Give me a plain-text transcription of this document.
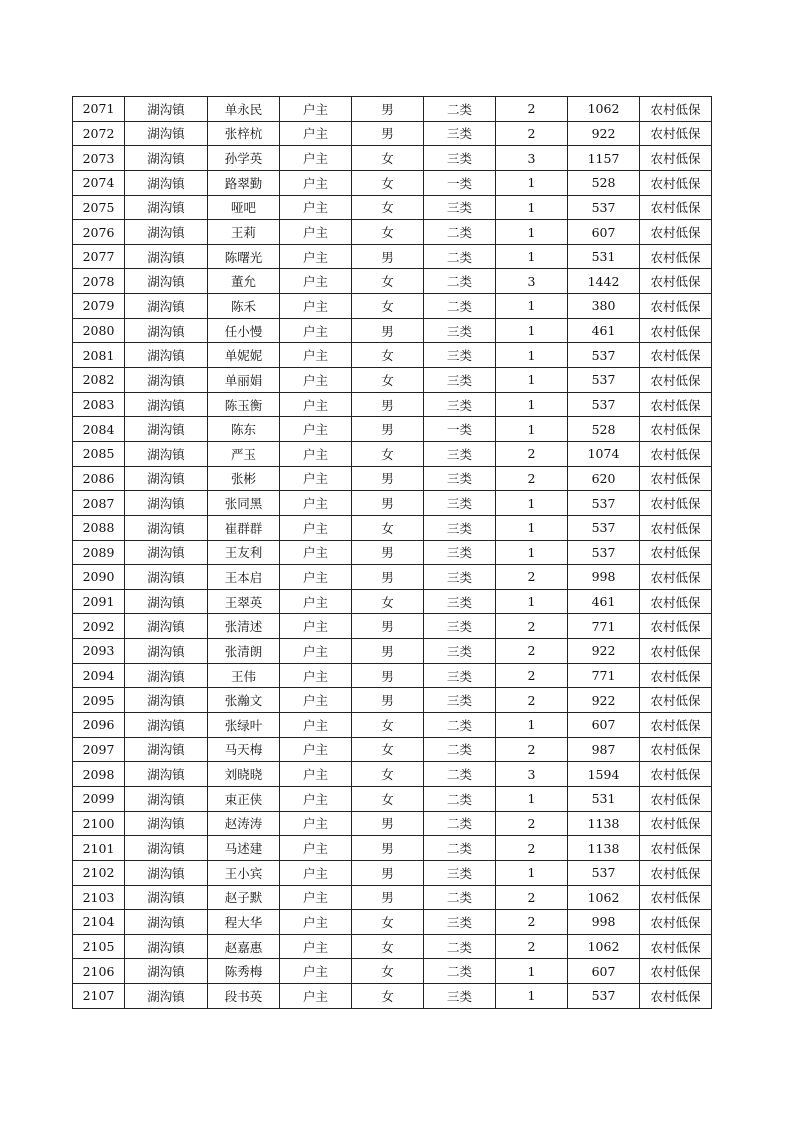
2071	湖沟镇	单永民	户主	男	二类	2	1062	农村低保
2072	湖沟镇	张梓杭	户主	男	三类	2	922	农村低保
2073	湖沟镇	孙学英	户主	女	三类	3	1157	农村低保
2074	湖沟镇	路翠勤	户主	女	一类	1	528	农村低保
2075	湖沟镇	哑吧	户主	女	三类	1	537	农村低保
2076	湖沟镇	王莉	户主	女	二类	1	607	农村低保
2077	湖沟镇	陈曙光	户主	男	二类	1	531	农村低保
2078	湖沟镇	董允	户主	女	二类	3	1442	农村低保
2079	湖沟镇	陈禾	户主	女	二类	1	380	农村低保
2080	湖沟镇	任小慢	户主	男	三类	1	461	农村低保
2081	湖沟镇	单妮妮	户主	女	三类	1	537	农村低保
2082	湖沟镇	单丽娟	户主	女	三类	1	537	农村低保
2083	湖沟镇	陈玉衡	户主	男	三类	1	537	农村低保
2084	湖沟镇	陈东	户主	男	一类	1	528	农村低保
2085	湖沟镇	严玉	户主	女	三类	2	1074	农村低保
2086	湖沟镇	张彬	户主	男	三类	2	620	农村低保
2087	湖沟镇	张同黑	户主	男	三类	1	537	农村低保
2088	湖沟镇	崔群群	户主	女	三类	1	537	农村低保
2089	湖沟镇	王友利	户主	男	三类	1	537	农村低保
2090	湖沟镇	王本启	户主	男	三类	2	998	农村低保
2091	湖沟镇	王翠英	户主	女	三类	1	461	农村低保
2092	湖沟镇	张清述	户主	男	三类	2	771	农村低保
2093	湖沟镇	张清朗	户主	男	三类	2	922	农村低保
2094	湖沟镇	王伟	户主	男	三类	2	771	农村低保
2095	湖沟镇	张瀚文	户主	男	三类	2	922	农村低保
2096	湖沟镇	张绿叶	户主	女	二类	1	607	农村低保
2097	湖沟镇	马天梅	户主	女	二类	2	987	农村低保
2098	湖沟镇	刘晓晓	户主	女	二类	3	1594	农村低保
2099	湖沟镇	束正侠	户主	女	二类	1	531	农村低保
2100	湖沟镇	赵涛涛	户主	男	二类	2	1138	农村低保
2101	湖沟镇	马述建	户主	男	二类	2	1138	农村低保
2102	湖沟镇	王小宾	户主	男	三类	1	537	农村低保
2103	湖沟镇	赵子默	户主	男	二类	2	1062	农村低保
2104	湖沟镇	程大华	户主	女	三类	2	998	农村低保
2105	湖沟镇	赵嘉惠	户主	女	二类	2	1062	农村低保
2106	湖沟镇	陈秀梅	户主	女	二类	1	607	农村低保
2107	湖沟镇	段书英	户主	女	三类	1	537	农村低保
